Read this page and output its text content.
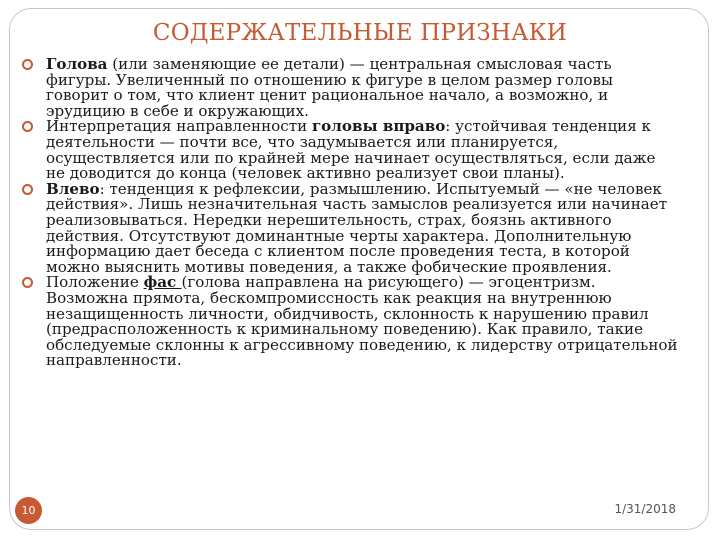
СОДЕРЖАТЕЛЬНЫЕ ПРИЗНАКИ
Голова (или заменяющие ее детали) — центральная смысловая часть фигуры. Увеличенный по отношению к фигуре в целом размер головы говорит о том, что клиент ценит рациональное начало, а возможно, и эрудицию в себе и окружающих.
Интерпретация направленности головы вправо: устойчивая тенденция к деятельности — почти все, что задумывается или планируется, осуществляется или по крайней мере начинает осуществляться, если даже не доводится до конца (человек активно реализует свои планы).
Влево: тенденция к рефлексии, размышлению. Испытуемый — «не человек действия». Лишь незначительная часть замыслов реализуется или начинает реализовываться. Нередки нерешительность, страх, боязнь активного действия. Отсутствуют доминантные черты характера. Дополнительную информацию дает беседа с клиентом после проведения теста, в которой можно выяснить мотивы поведения, а также фобические проявления.
Положение фас (голова направлена на рисующего) — эгоцентризм. Возможна прямота, бескомпромиссность как реакция на внутреннюю незащищенность личности, обидчивость, склонность к нарушению правил (предрасположенность к криминальному поведению). Как правило, такие обследуемые склонны к агрессивному поведению, к лидерству отрицательной направленности.
10	1/31/2018
